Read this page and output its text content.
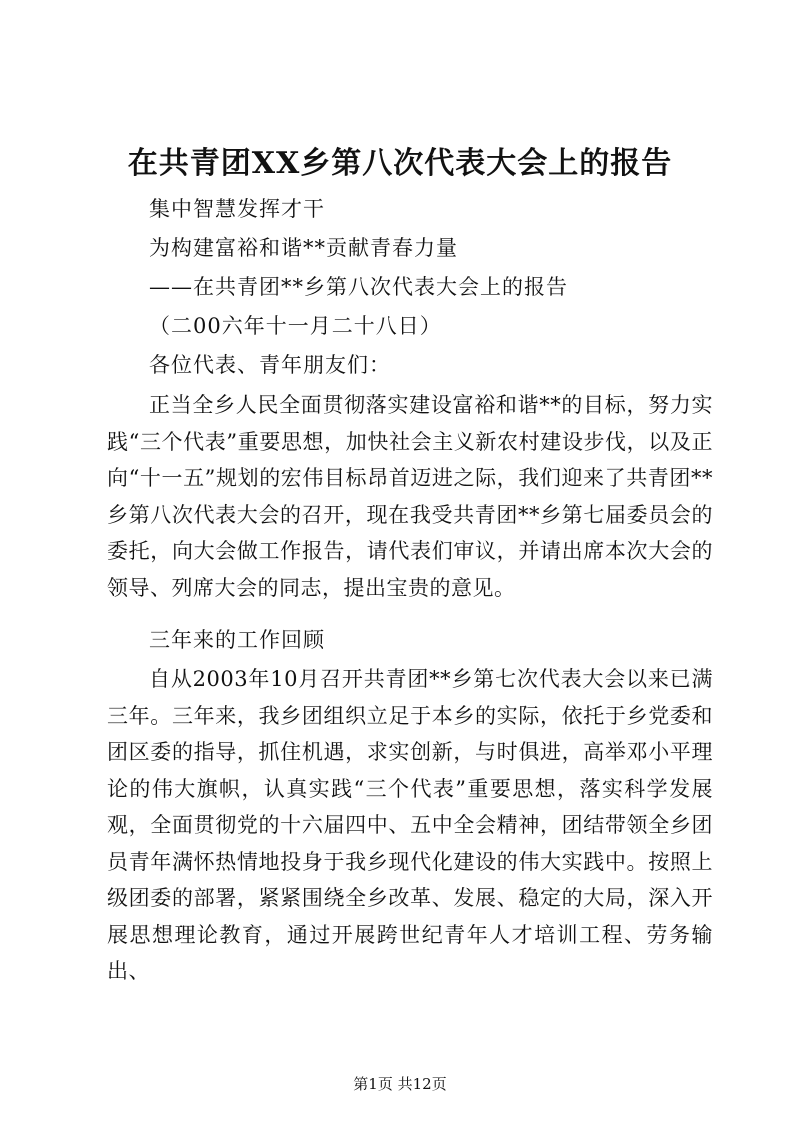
在共青团XX乡第八次代表大会上的报告
集中智慧发挥才干
为构建富裕和谐**贡献青春力量
——在共青团**乡第八次代表大会上的报告
（二00六年十一月二十八日）
各位代表、青年朋友们：
正当全乡人民全面贯彻落实建设富裕和谐**的目标，努力实践“三个代表”重要思想，加快社会主义新农村建设步伐，以及正向“十一五”规划的宏伟目标昂首迈进之际，我们迎来了共青团**乡第八次代表大会的召开，现在我受共青团**乡第七届委员会的委托，向大会做工作报告，请代表们审议，并请出席本次大会的领导、列席大会的同志，提出宝贵的意见。
三年来的工作回顾
自从2003年10月召开共青团**乡第七次代表大会以来已满三年。三年来，我乡团组织立足于本乡的实际，依托于乡党委和团区委的指导，抓住机遇，求实创新，与时俱进，高举邓小平理论的伟大旗帜，认真实践“三个代表”重要思想，落实科学发展观，全面贯彻党的十六届四中、五中全会精神，团结带领全乡团员青年满怀热情地投身于我乡现代化建设的伟大实践中。按照上级团委的部署，紧紧围绕全乡改革、发展、稳定的大局，深入开展思想理论教育，通过开展跨世纪青年人才培训工程、劳务输出、
第1页 共12页
